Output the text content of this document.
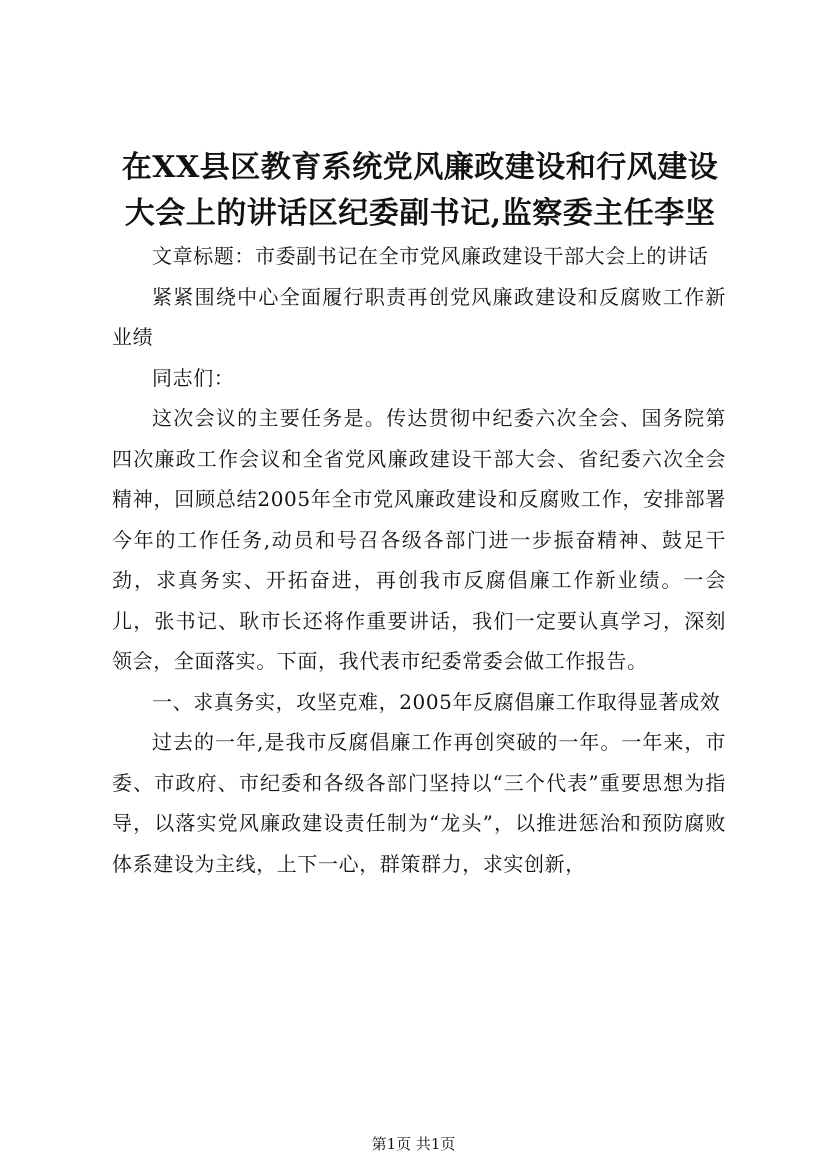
在XX县区教育系统党风廉政建设和行风建设大会上的讲话区纪委副书记,监察委主任李坚

文章标题：市委副书记在全市党风廉政建设干部大会上的讲话

紧紧围绕中心全面履行职责再创党风廉政建设和反腐败工作新业绩

同志们：

这次会议的主要任务是。传达贯彻中纪委六次全会、国务院第四次廉政工作会议和全省党风廉政建设干部大会、省纪委六次全会精神，回顾总结2005年全市党风廉政建设和反腐败工作，安排部署今年的工作任务,动员和号召各级各部门进一步振奋精神、鼓足干劲，求真务实、开拓奋进，再创我市反腐倡廉工作新业绩。一会儿，张书记、耿市长还将作重要讲话，我们一定要认真学习，深刻领会，全面落实。下面，我代表市纪委常委会做工作报告。

一、求真务实，攻坚克难，2005年反腐倡廉工作取得显著成效

过去的一年,是我市反腐倡廉工作再创突破的一年。一年来，市委、市政府、市纪委和各级各部门坚持以“三个代表”重要思想为指导，以落实党风廉政建设责任制为“龙头”，以推进惩治和预防腐败体系建设为主线，上下一心，群策群力，求实创新，

第1页 共1页
